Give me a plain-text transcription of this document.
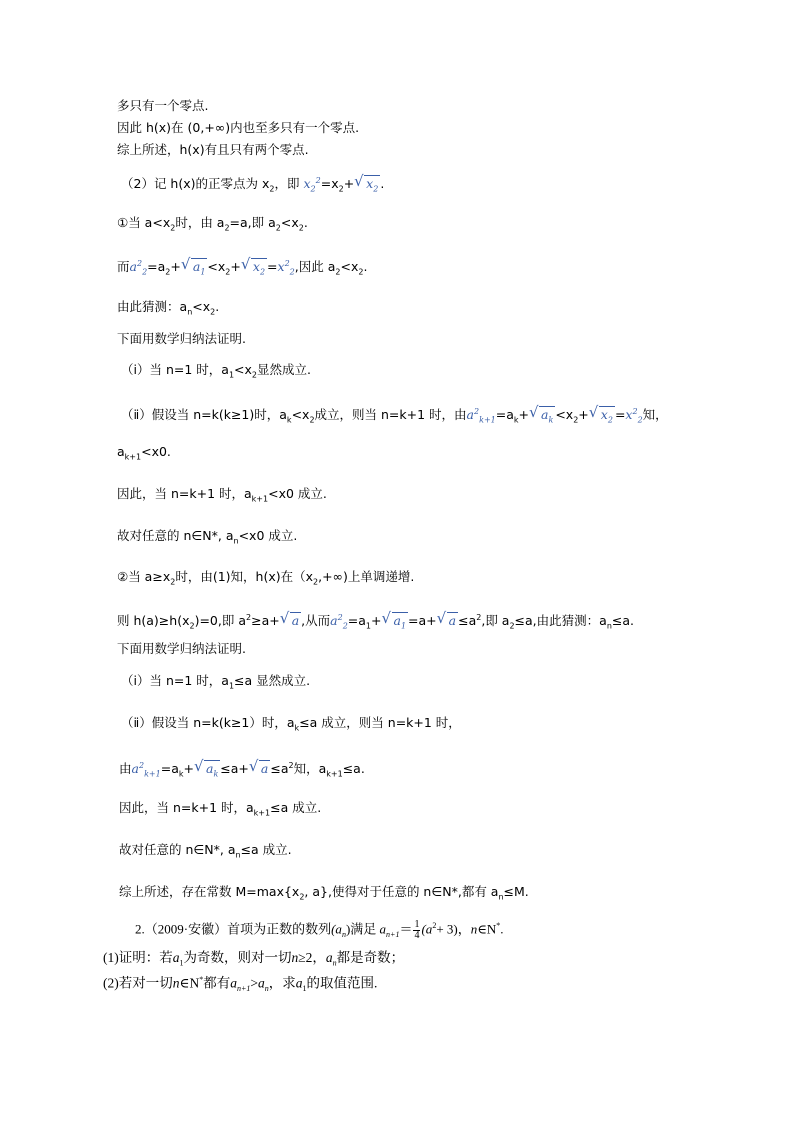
多只有一个零点.
因此 h(x)在 (0,+∞)内也至多只有一个零点.
综上所述，h(x)有且只有两个零点.
（2）记 h(x)的正零点为 $x_2$，即 $x_2^2=x_2+√$ $x_2$ .
①当 $a<x_2$时，由 $a_2=a$,即 $a_2<x_2$.
而$a^2_2=a_2+√$ $a_1 <x_2+√$ $x_2 =x^2_2$,因此 $a_2<x_2$.
由此猜测：$a_n<x_2$.
下面用数学归纳法证明.
（ⅰ）当 n=1 时，$a_1<x_2$显然成立.
（ⅱ）假设当 n=k(k≥1)时，$a_k<x_2$成立，则当 n=k+1 时，由$a^2_{k+1}=a_k+√$ $a_k <x_2+√$ $x_2 =x^2_2$知，
$a_{k+1}<x0$.
因此，当 n=k+1 时，$a_{k+1}<x0$ 成立.
故对任意的 n∈N*, $a_n<x0$ 成立.
②当 $a\ge x_2$时，由(1)知，h(x)在$(x_2,+\infty)$上单调递增.
则 $h(a)\ge h(x_2)=0$,即 $a^2\ge a+√$ a ,从而$a^2_2=a_1+√$ $a_1 =a+√$ $a \le a^2$,即 $a_2\le a$,由此猜测：$a_n\le a$.
下面用数学归纳法证明.
（ⅰ）当 n=1 时，$a_1\le a$ 显然成立.
（ⅱ）假设当 n=k(k≥1）时，$a_k\le a$ 成立，则当 n=k+1 时，
由$a^2_{k+1}=a_k+√$ $a_k \le a+√$ $a \le a^2$知，$a_{k+1}\le a$.
因此，当 n=k+1 时，$a_{k+1}\le a$ 成立.
故对任意的 n∈N*, $a_n\le a$ 成立.
综上所述，存在常数 $M=\max\{x_2$, a},使得对于任意的 n∈N*,都有 $a_n\le M$.
2.（2009·安徽）首项为正数的数列$(a_n)$满足 $a_{n+1}= \frac{1}{4} (a^2+ 3)$，n∈N*.
(1)证明：若$a_1$为奇数，则对一切n≥2，$a_n$都是奇数；
(2)若对一切n∈N*都有$a_{n+1}>a_n$，求$a_1$的取值范围.
